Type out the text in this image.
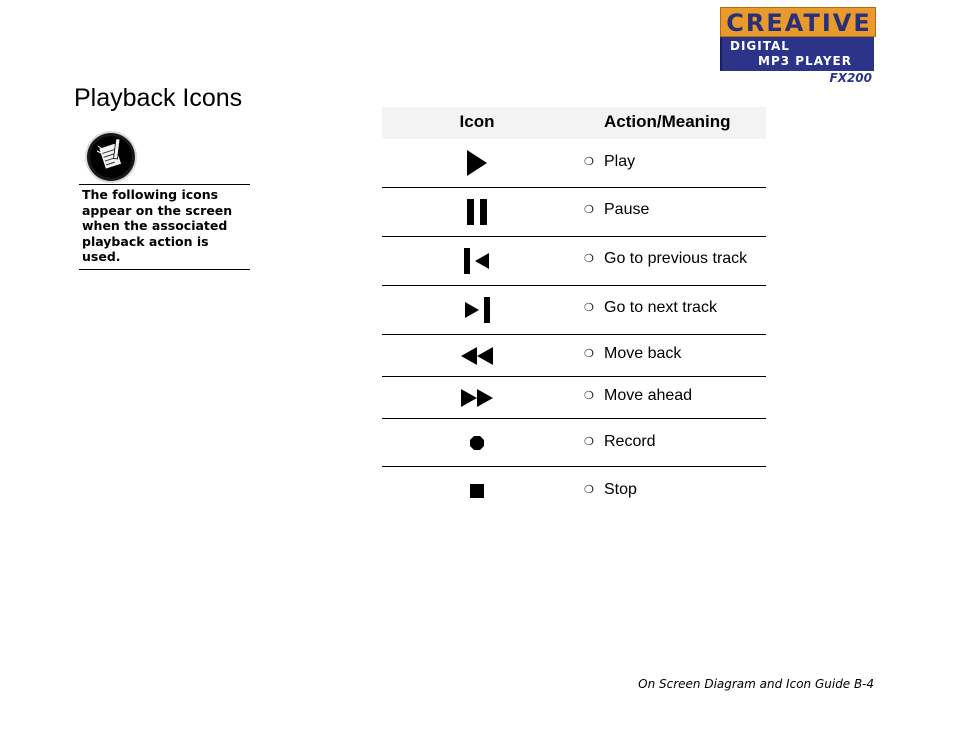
CREATIVE
DIGITAL
MP3 PLAYER
FX200
Playback Icons

The following icons appear on the screen when the associated playback action is used.

Icon	Action/Meaning
❍ Play
❍ Pause
❍ Go to previous track
❍ Go to next track
❍ Move back
❍ Move ahead
❍ Record
❍ Stop
On Screen Diagram and Icon Guide B-4
